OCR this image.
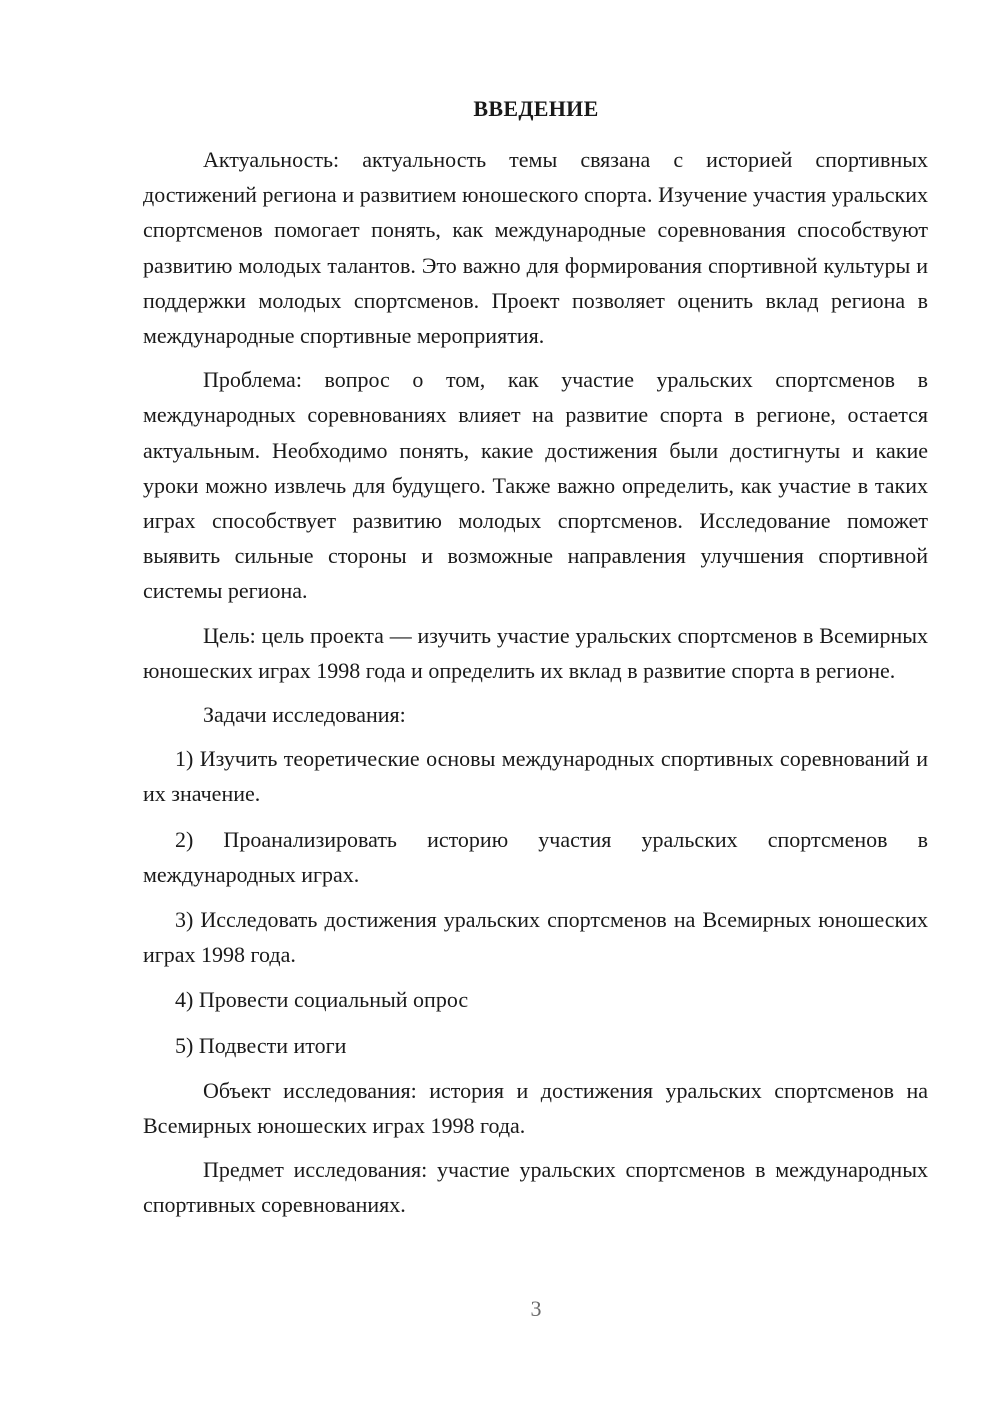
ВВЕДЕНИЕ

Актуальность: актуальность темы связана с историей спортивных достижений региона и развитием юношеского спорта. Изучение участия уральских спортсменов помогает понять, как международные соревнования способствуют развитию молодых талантов. Это важно для формирования спортивной культуры и поддержки молодых спортсменов. Проект позволяет оценить вклад региона в международные спортивные мероприятия.

Проблема: вопрос о том, как участие уральских спортсменов в международных соревнованиях влияет на развитие спорта в регионе, остается актуальным. Необходимо понять, какие достижения были достигнуты и какие уроки можно извлечь для будущего. Также важно определить, как участие в таких играх способствует развитию молодых спортсменов. Исследование поможет выявить сильные стороны и возможные направления улучшения спортивной системы региона.

Цель: цель проекта — изучить участие уральских спортсменов в Всемирных юношеских играх 1998 года и определить их вклад в развитие спорта в регионе.

Задачи исследования:

1) Изучить теоретические основы международных спортивных соревнований и их значение.

2) Проанализировать историю участия уральских спортсменов в международных играх.

3) Исследовать достижения уральских спортсменов на Всемирных юношеских играх 1998 года.

4) Провести социальный опрос

5) Подвести итоги

Объект исследования: история и достижения уральских спортсменов на Всемирных юношеских играх 1998 года.

Предмет исследования: участие уральских спортсменов в международных спортивных соревнованиях.

3
